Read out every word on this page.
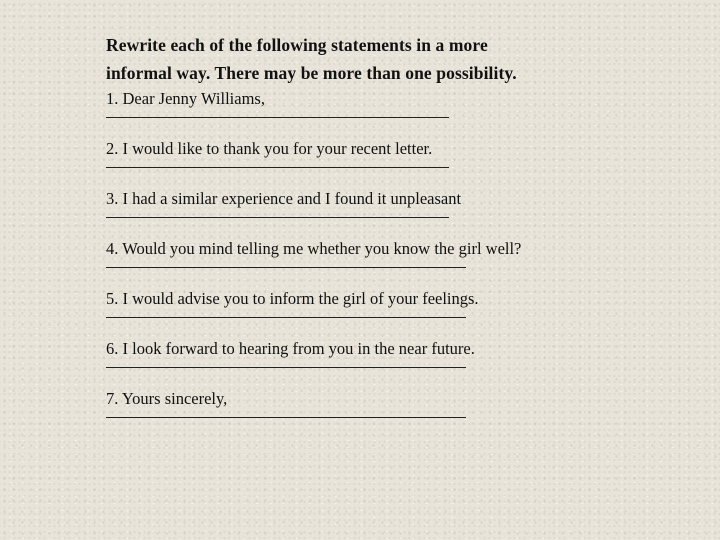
Rewrite each of the following statements in a more
informal way. There may be more than one possibility.
1. Dear Jenny Williams,
2. I would like to thank you for your recent letter.
3. I had a similar experience and I found it unpleasant
4. Would you mind telling me whether you know the girl well?
5. I would advise you to inform the girl of your feelings.
6. I look forward to hearing from you in the near future.
7. Yours sincerely,
